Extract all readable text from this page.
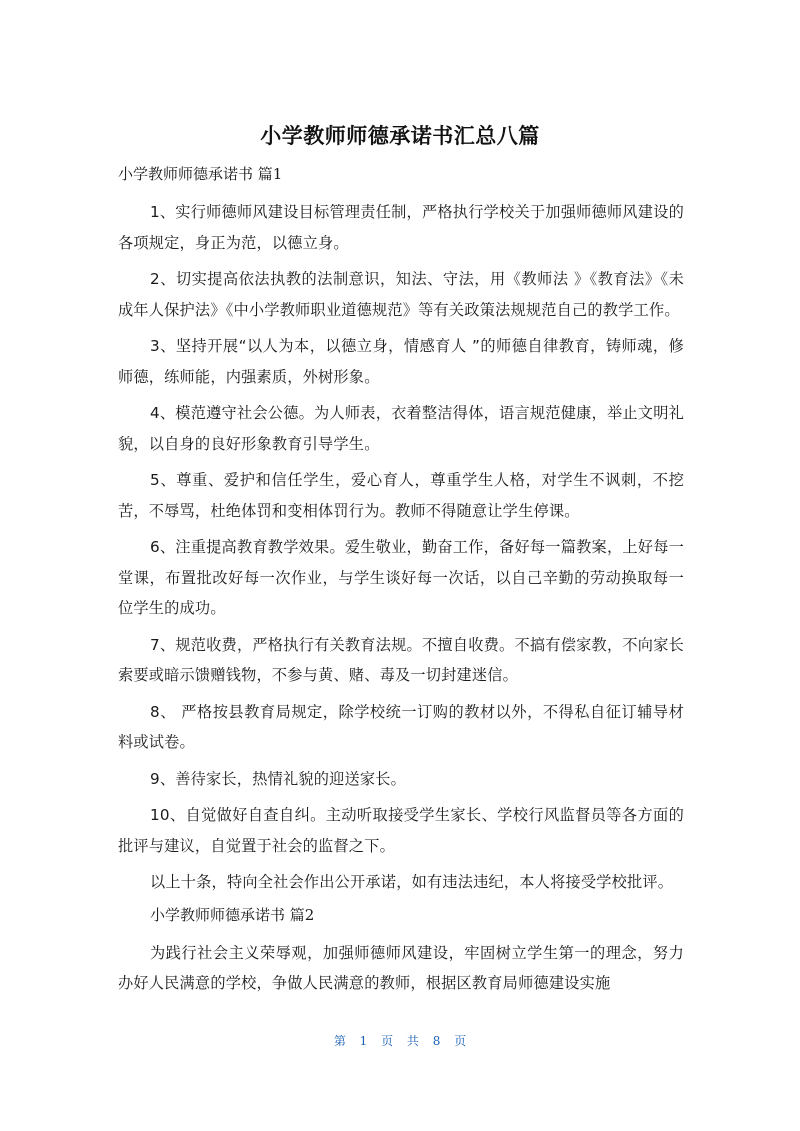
小学教师师德承诺书汇总八篇
小学教师师德承诺书 篇1

1、实行师德师风建设目标管理责任制，严格执行学校关于加强师德师风建设的各项规定，身正为范，以德立身。

2、切实提高依法执教的法制意识，知法、守法，用《教师法 》《教育法》《未成年人保护法》《中小学教师职业道德规范》等有关政策法规规范自己的教学工作。

3、坚持开展“以人为本，以德立身，情感育人 ”的师德自律教育，铸师魂，修师德，练师能，内强素质，外树形象。

4、模范遵守社会公德。为人师表，衣着整洁得体，语言规范健康，举止文明礼貌，以自身的良好形象教育引导学生。

5、尊重、爱护和信任学生，爱心育人，尊重学生人格，对学生不讽刺，不挖苦，不辱骂，杜绝体罚和变相体罚行为。教师不得随意让学生停课。

6、注重提高教育教学效果。爱生敬业，勤奋工作，备好每一篇教案，上好每一堂课，布置批改好每一次作业，与学生谈好每一次话，以自己辛勤的劳动换取每一位学生的成功。

7、规范收费，严格执行有关教育法规。不擅自收费。不搞有偿家教，不向家长索要或暗示馈赠钱物，不参与黄、赌、毒及一切封建迷信。

8、 严格按县教育局规定，除学校统一订购的教材以外，不得私自征订辅导材料或试卷。

9、善待家长，热情礼貌的迎送家长。

10、自觉做好自查自纠。主动听取接受学生家长、学校行风监督员等各方面的批评与建议，自觉置于社会的监督之下。

以上十条，特向全社会作出公开承诺，如有违法违纪，本人将接受学校批评。

小学教师师德承诺书 篇2

为践行社会主义荣辱观，加强师德师风建设，牢固树立学生第一的理念，努力办好人民满意的学校，争做人民满意的教师，根据区教育局师德建设实施

第 1 页 共 8 页
